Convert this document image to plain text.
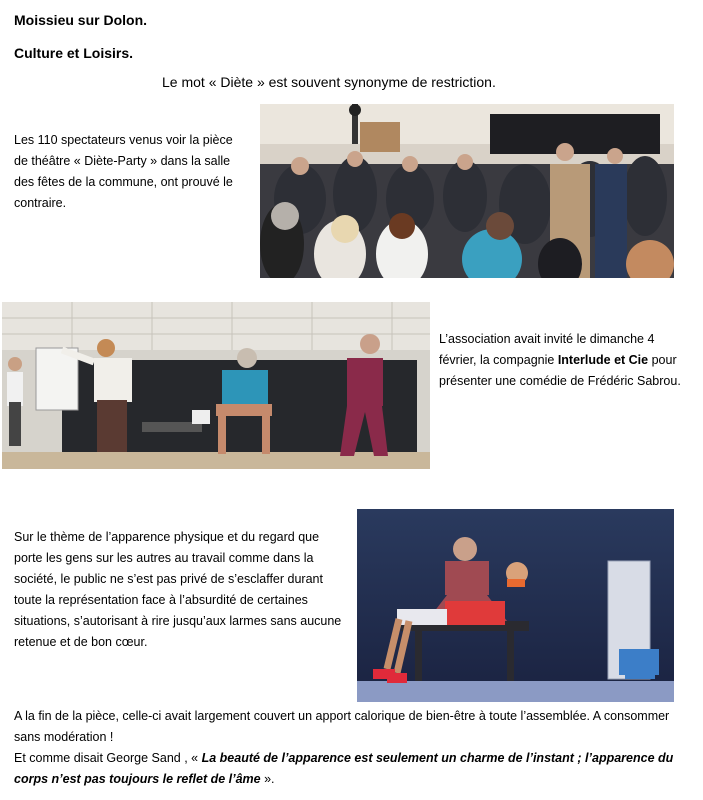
Moissieu sur Dolon.
Culture et Loisirs.
Le mot « Diète » est souvent synonyme de restriction.
Les 110 spectateurs venus voir la pièce de théâtre « Diète-Party » dans la salle des fêtes de la commune, ont prouvé le contraire.
L’association avait invité le dimanche 4 février, la compagnie Interlude et Cie pour présenter une comédie de Frédéric Sabrou.
Sur le thème de l’apparence physique et du regard que porte les gens sur les autres au travail comme dans la société, le public ne s’est pas privé de s’esclaffer durant toute la représentation face à l’absurdité de certaines situations, s’autorisant à rire jusqu’aux larmes sans aucune retenue et de bon cœur.
A la fin de la pièce, celle-ci avait largement couvert un apport calorique de bien-être à toute l’assemblée. A consommer sans modération !
Et comme disait George Sand , « La beauté de l’apparence est seulement un charme de l’instant ; l’apparence du corps n’est pas toujours le reflet de l’âme ».
